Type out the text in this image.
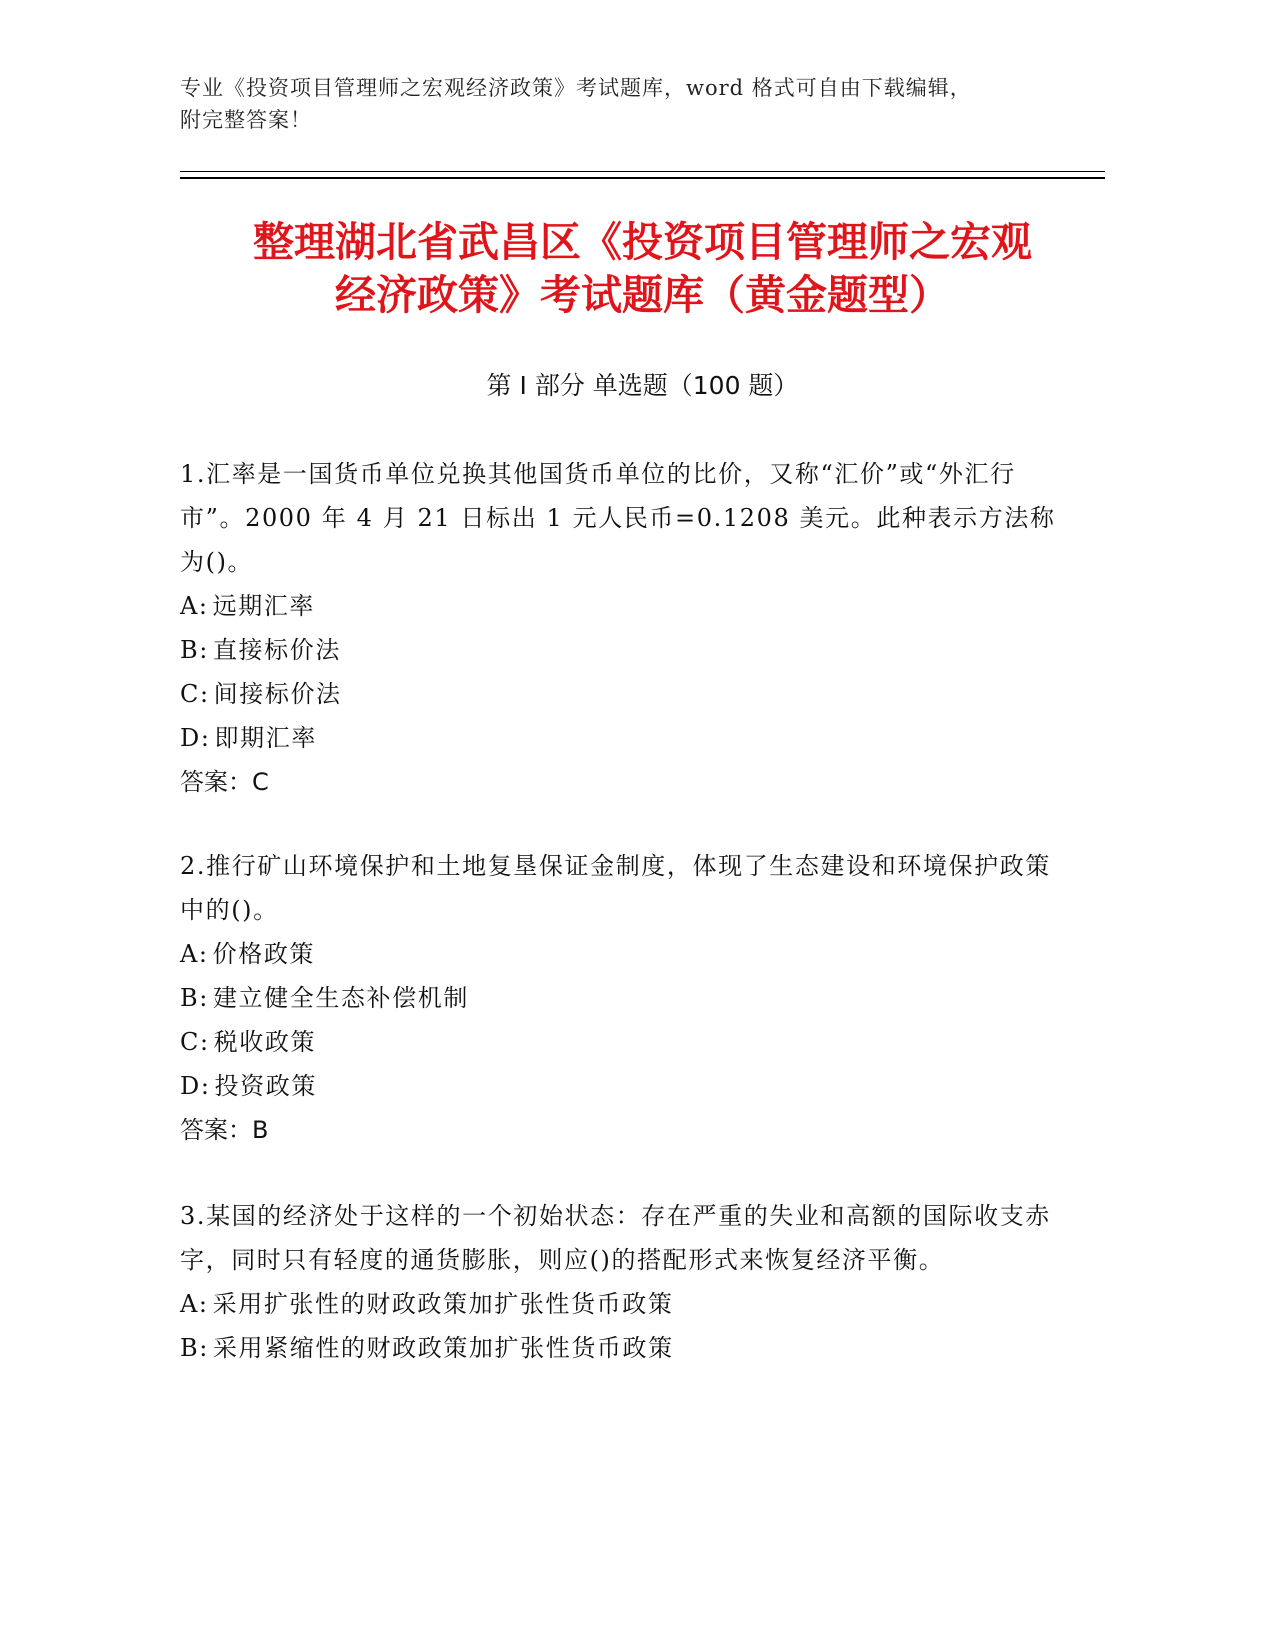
专业《投资项目管理师之宏观经济政策》考试题库，word 格式可自由下载编辑，
附完整答案！
整理湖北省武昌区《投资项目管理师之宏观
经济政策》考试题库（黄金题型）
第 I 部分 单选题（100 题）

1.汇率是一国货币单位兑换其他国货币单位的比价，又称“汇价”或“外汇行市”。2000 年 4 月 21 日标出 1 元人民币=0.1208 美元。此种表示方法称为()。

A: 远期汇率

B: 直接标价法

C: 间接标价法

D: 即期汇率

答案：C

2.推行矿山环境保护和土地复垦保证金制度，体现了生态建设和环境保护政策中的()。

A: 价格政策

B: 建立健全生态补偿机制

C: 税收政策

D: 投资政策

答案：B

3.某国的经济处于这样的一个初始状态：存在严重的失业和高额的国际收支赤字，同时只有轻度的通货膨胀，则应()的搭配形式来恢复经济平衡。

A: 采用扩张性的财政政策加扩张性货币政策

B: 采用紧缩性的财政政策加扩张性货币政策
